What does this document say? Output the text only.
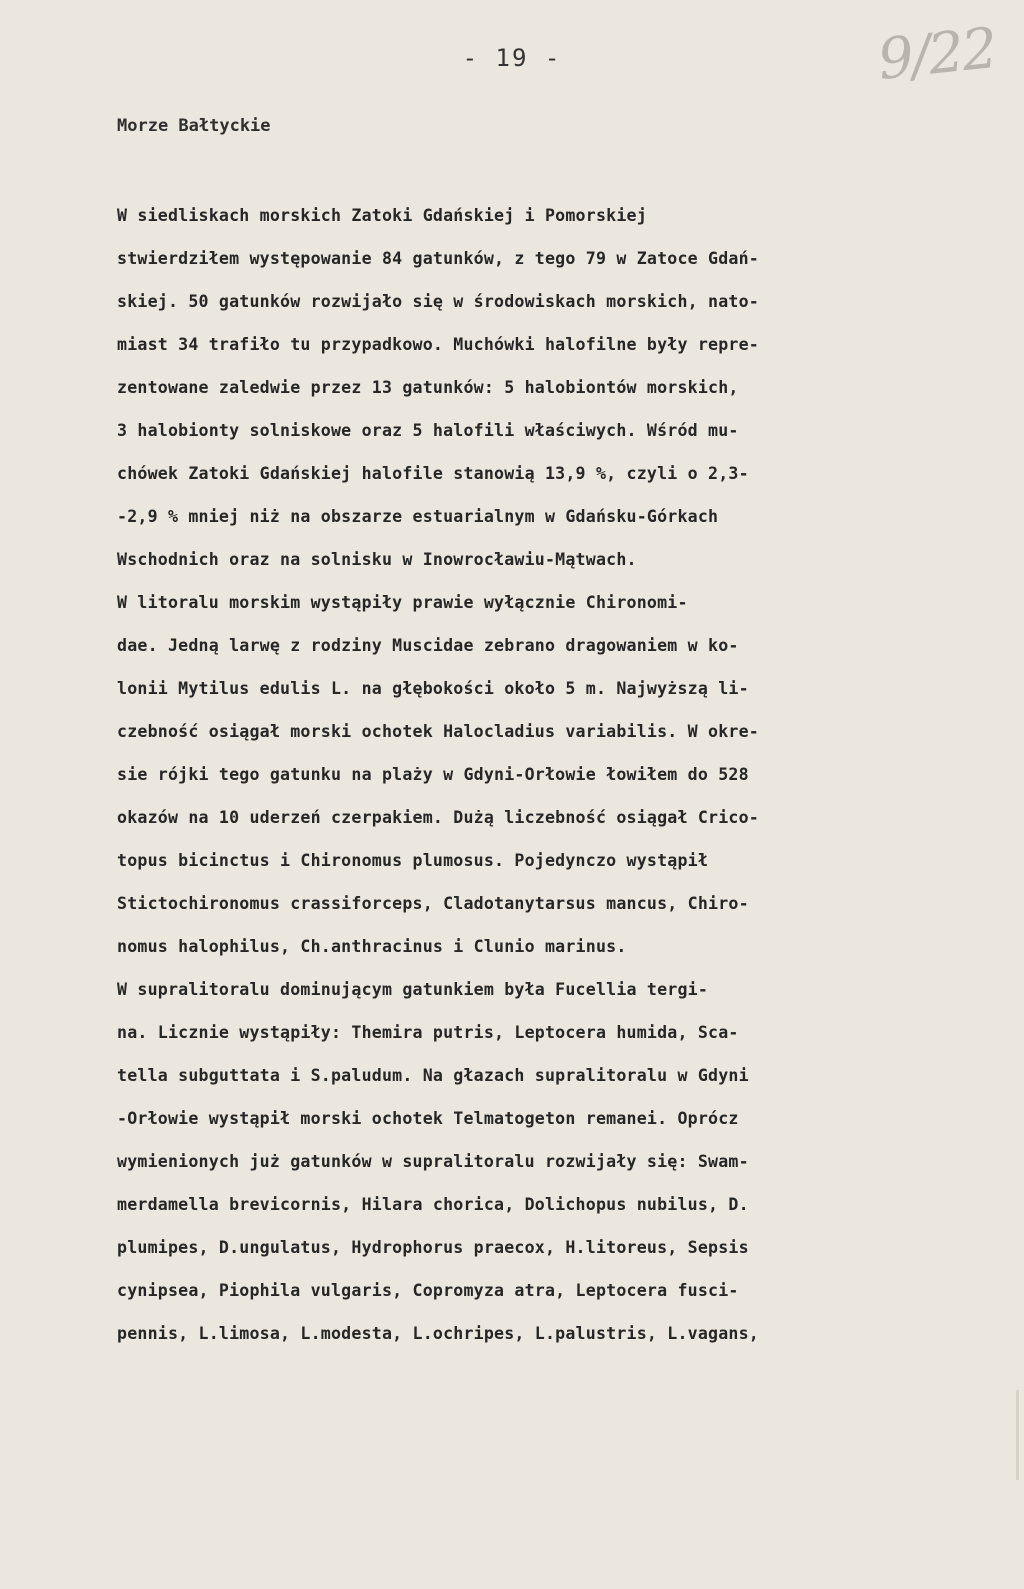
- 19 -	9/22
Morze Bałtyckie
W siedliskach morskich Zatoki Gdańskiej i Pomorskiej
stwierdziłem występowanie 84 gatunków, z tego 79 w Zatoce Gdań-
skiej. 50 gatunków rozwijało się w środowiskach morskich, nato-
miast 34 trafiło tu przypadkowo. Muchówki halofilne były repre-
zentowane zaledwie przez 13 gatunków: 5 halobiontów morskich,
3 halobionty solniskowe oraz 5 halofili właściwych. Wśród mu-
chówek Zatoki Gdańskiej halofile stanowią 13,9 %, czyli o 2,3-
-2,9 % mniej niż na obszarze estuarialnym w Gdańsku-Górkach
Wschodnich oraz na solnisku w Inowrocławiu-Mątwach.
W litoralu morskim wystąpiły prawie wyłącznie Chironomi-
dae. Jedną larwę z rodziny Muscidae zebrano dragowaniem w ko-
lonii Mytilus edulis L. na głębokości około 5 m. Najwyższą li-
czebność osiągał morski ochotek Halocladius variabilis. W okre-
sie rójki tego gatunku na plaży w Gdyni-Orłowie łowiłem do 528
okazów na 10 uderzeń czerpakiem. Dużą liczebność osiągał Crico-
topus bicinctus i Chironomus plumosus. Pojedynczo wystąpił
Stictochironomus crassiforceps, Cladotanytarsus mancus, Chiro-
nomus halophilus, Ch.anthracinus i Clunio marinus.
W supralitoralu dominującym gatunkiem była Fucellia tergi-
na. Licznie wystąpiły: Themira putris, Leptocera humida, Sca-
tella subguttata i S.paludum. Na głazach supralitoralu w Gdyni
-Orłowie wystąpił morski ochotek Telmatogeton remanei. Oprócz
wymienionych już gatunków w supralitoralu rozwijały się: Swam-
merdamella brevicornis, Hilara chorica, Dolichopus nubilus, D.
plumipes, D.ungulatus, Hydrophorus praecox, H.litoreus, Sepsis
cynipsea, Piophila vulgaris, Copromyza atra, Leptocera fusci-
pennis, L.limosa, L.modesta, L.ochripes, L.palustris, L.vagans,
